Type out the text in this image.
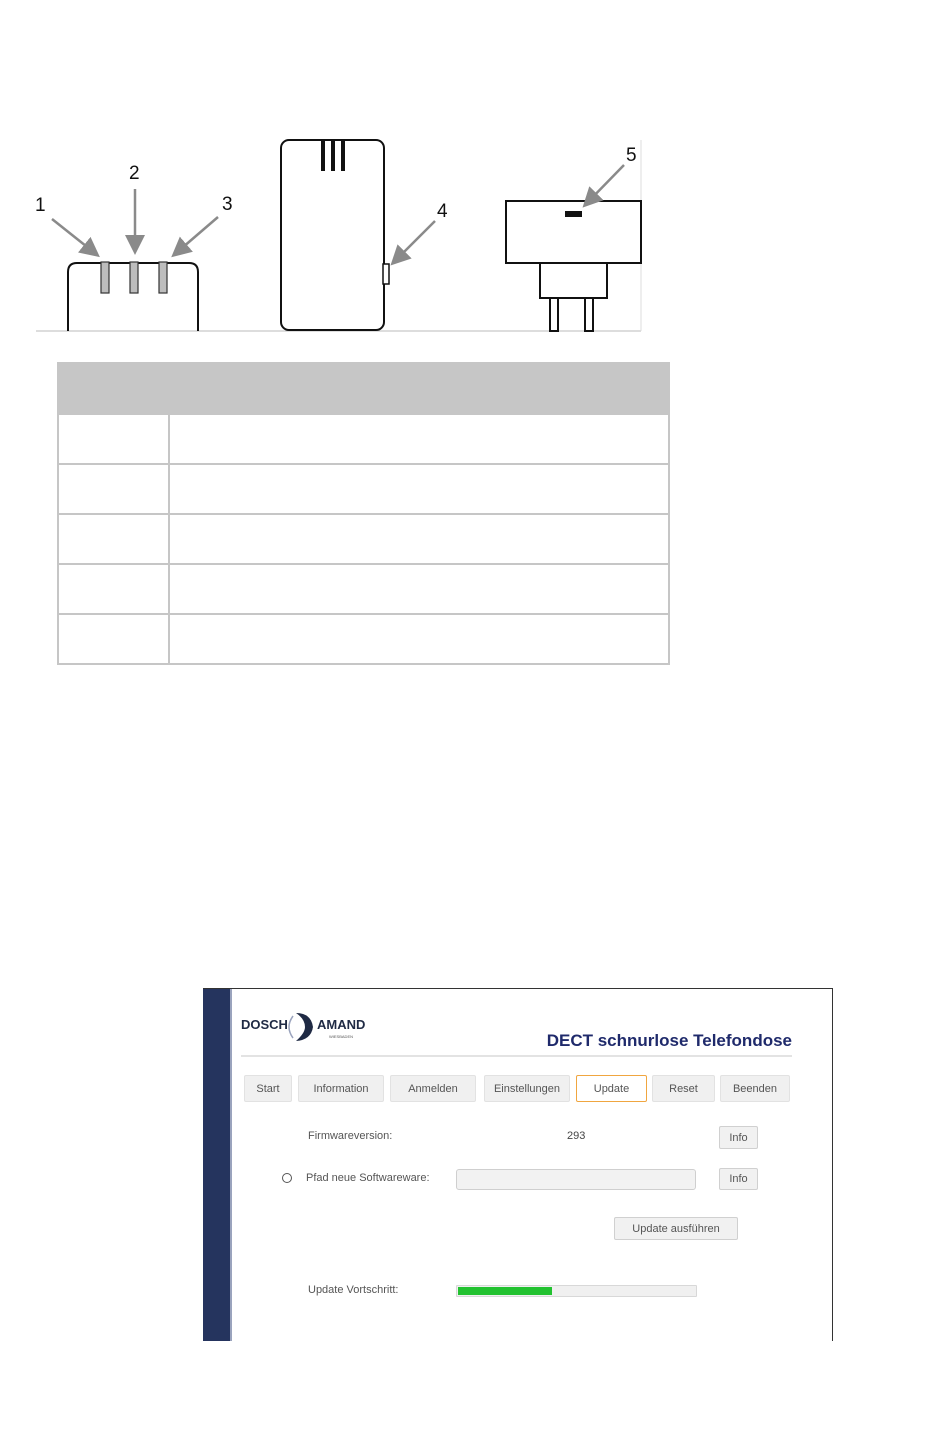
1
2
3	4
5

DOSCH AMAND
WIESBADEN	DECT schnurlose Telefondose
Start	Information	Anmelden	Einstellungen	Update	Reset	Beenden
Firmwareversion:	293	Info
Pfad neue Softwareware:	Info
Update ausführen
Update Vortschritt:
